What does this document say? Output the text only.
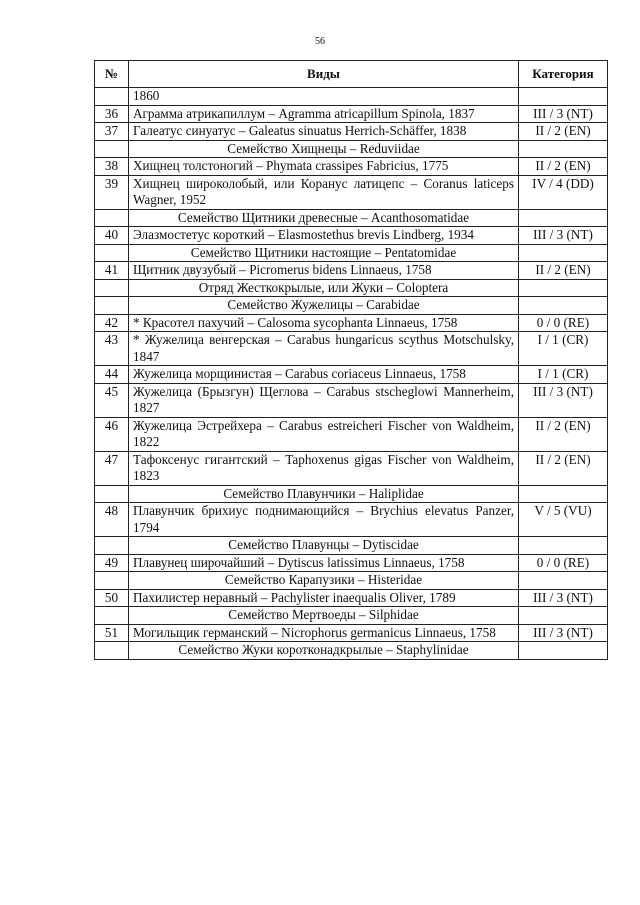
56
№	Виды	Категория
	1860	
36	Аграмма атрикапиллум – Agramma atricapillum Spinola, 1837	III / 3 (NT)
37	Галеатус синуатус – Galeatus sinuatus Herrich-Schäffer, 1838	II / 2 (EN)
	Семейство Хищнецы – Reduviidae	
38	Хищнец толстоногий – Phymata crassipes Fabricius, 1775	II / 2 (EN)
39	Хищнец широколобый, или Коранус латицепс – Coranus laticeps Wagner, 1952	IV / 4 (DD)
	Семейство Щитники древесные – Acanthosomatidae	
40	Элазмостетус короткий – Elasmostethus brevis Lindberg, 1934	III / 3 (NT)
	Семейство Щитники настоящие – Pentatomidae	
41	Щитник двузубый – Picromerus bidens Linnaeus, 1758	II / 2 (EN)
	Отряд Жесткокрылые, или Жуки – Coloptera	
	Семейство Жужелицы – Carabidae	
42	* Красотел пахучий – Calosoma sycophanta Linnaeus, 1758	0 / 0 (RE)
43	* Жужелица венгерская – Carabus hungaricus scythus Motschulsky, 1847	I / 1 (CR)
44	Жужелица морщинистая – Carabus coriaceus Linnaeus, 1758	I / 1 (CR)
45	Жужелица (Брызгун) Щеглова – Carabus stscheglowi Mannerheim, 1827	III / 3 (NT)
46	Жужелица Эстрейхера – Carabus estreicheri Fischer von Waldheim, 1822	II / 2 (EN)
47	Тафоксенус гигантский – Taphoxenus gigas Fischer von Waldheim, 1823	II / 2 (EN)
	Семейство Плавунчики – Haliplidae	
48	Плавунчик брихиус поднимающийся – Brychius elevatus Panzer, 1794	V / 5 (VU)
	Семейство Плавунцы – Dytiscidae	
49	Плавунец широчайший – Dytiscus latissimus Linnaeus, 1758	0 / 0 (RE)
	Семейство Карапузики – Histeridae	
50	Пахилистер неравный – Pachylister inaequalis Oliver, 1789	III / 3 (NT)
	Семейство Мертвоеды – Silphidae	
51	Могильщик германский – Nicrophorus germanicus Linnaeus, 1758	III / 3 (NT)
	Семейство Жуки коротконадкрылые – Staphylinidae	
